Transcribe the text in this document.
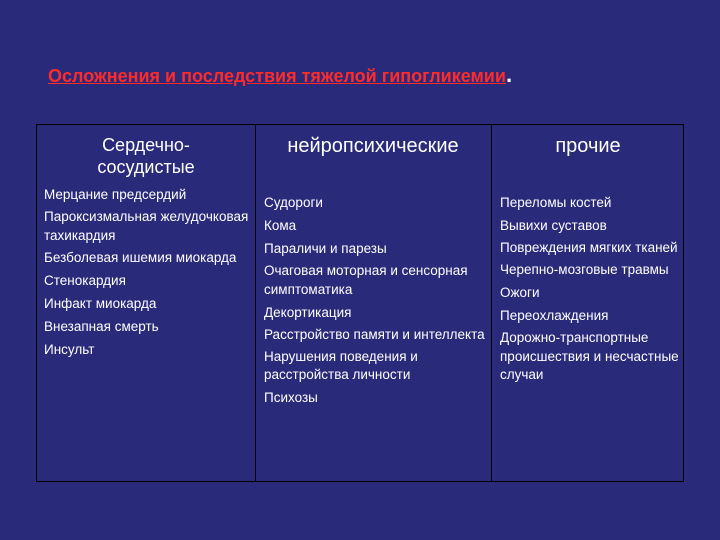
Осложнения и последствия тяжелой гипогликемии.
Сердечно-
сосудистые
Мерцание предсердий
Пароксизмальная желудочковая тахикардия
Безболевая ишемия миокарда
Стенокардия
Инфакт миокарда
Внезапная смерть
Инсульт
нейропсихические
Судороги
Кома
Параличи и парезы
Очаговая моторная и сенсорная симптоматика
Декортикация
Расстройство памяти и интеллекта
Нарушения поведения и расстройства личности
Психозы
прочие
Переломы костей
Вывихи суставов
Повреждения мягких тканей
Черепно-мозговые травмы
Ожоги
Переохлаждения
Дорожно-транспортные происшествия и несчастные случаи
